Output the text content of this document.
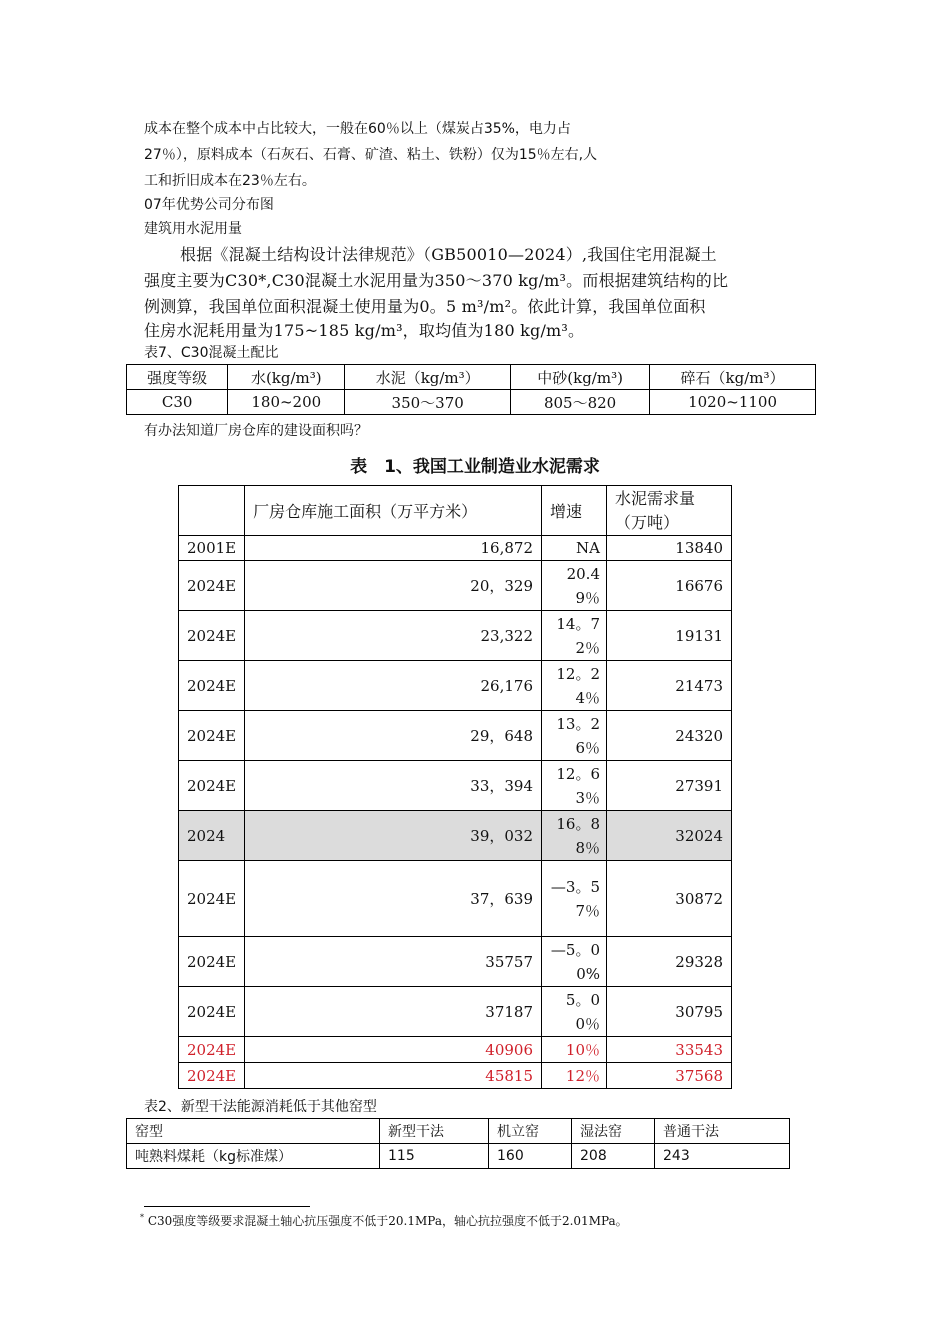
成本在整个成本中占比较大，一般在60％以上（煤炭占35%，电力占
27％），原料成本（石灰石、石膏、矿渣、粘土、铁粉）仅为15％左右,人
工和折旧成本在23％左右。
07年优势公司分布图
建筑用水泥用量
根据《混凝土结构设计法律规范》（GB50010—2024）,我国住宅用混凝土
强度主要为C30*,C30混凝土水泥用量为350～370 kg/m³。而根据建筑结构的比
例测算，我国单位面积混凝土使用量为0。5 m³/m²。依此计算，我国单位面积
住房水泥耗用量为175~185 kg/m³，取均值为180 kg/m³。
表7、C30混凝土配比
强度等级	水(kg/m³)	水泥（kg/m³）	中砂(kg/m³)	碎石（kg/m³）
C30	180~200	350～370	805～820	1020~1100
有办法知道厂房仓库的建设面积吗？
表　1、我国工业制造业水泥需求
	厂房仓库施工面积（万平方米）	增速	水泥需求量（万吨）
2001E	16,872	NA	13840
2024E	20，329	20.49％	16676
2024E	23,322	14。72％	19131
2024E	26,176	12。24％	21473
2024E	29，648	13。26％	24320
2024E	33，394	12。63％	27391
2024	39，032	16。88％	32024
2024E	37，639	—3。57％	30872
2024E	35757	—5。00%	29328
2024E	37187	5。00％	30795
2024E	40906	10％	33543
2024E	45815	12％	37568
表2、新型干法能源消耗低于其他窑型
窑型	新型干法	机立窑	湿法窑	普通干法
吨熟料煤耗（kg标准煤）	115	160	208	243
* C30强度等级要求混凝土轴心抗压强度不低于20.1MPa，轴心抗拉强度不低于2.01MPa。
